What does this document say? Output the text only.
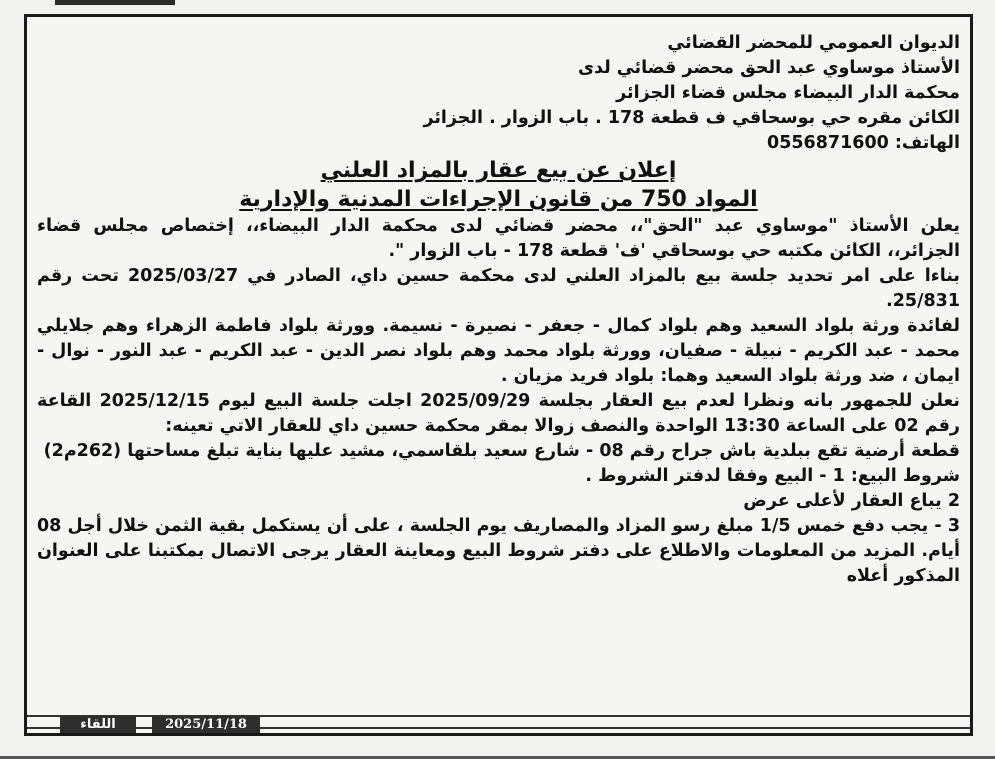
الديوان العمومي للمحضر القضائي
الأستاذ موساوي عبد الحق محضر قضائي لدى
محكمة الدار البيضاء مجلس قضاء الجزائر
الكائن مقره حي بوسحاقي ف قطعة 178 . باب الزوار . الجزائر
الهاتف: 0556871600

إعلان عن بيع عقار بالمزاد العلني

المواد 750 من قانون الإجراءات المدنية والإدارية

يعلن الأستاذ "موساوي عبد "الحق"،، محضر قضائي لدى محكمة الدار البيضاء،، إختصاص مجلس قضاء الجزائر،، الكائن مكتبه حي بوسحاقي 'ف' قطعة 178 - باب الزوار ".

بناءا على امر تحديد جلسة بيع بالمزاد العلني لدى محكمة حسين داي، الصادر في 2025/03/27 تحت رقم 25/831.

لفائدة ورثة بلواد السعيد وهم بلواد كمال - جعفر - نصيرة - نسيمة. وورثة بلواد فاطمة الزهراء وهم جلايلي محمد - عبد الكريم - نبيلة - صفيان، وورثة بلواد محمد وهم بلواد نصر الدين - عبد الكريم - عبد النور - نوال - ايمان ، ضد ورثة بلواد السعيد وهما: بلواد فريد مزيان .

نعلن للجمهور بانه ونظرا لعدم بيع العقار بجلسة 2025/09/29 اجلت جلسة البيع ليوم 2025/12/15 القاعة رقم 02 على الساعة 13:30 الواحدة والنصف زوالا بمقر محكمة حسين داي للعقار الاتي تعينه:

قطعة أرضية تقع ببلدية باش جراح رقم 08 - شارع سعيد بلقاسمي، مشيد عليها بناية تبلغ مساحتها (262م2)

شروط البيع: 1 - البيع وفقا لدفتر الشروط .

2 يباع العقار لأعلى عرض

3 - يجب دفع خمس 1/5 مبلغ رسو المزاد والمصاريف يوم الجلسة ، على أن يستكمل بقية الثمن خلال أجل 08 أيام. المزيد من المعلومات والاطلاع على دفتر شروط البيع ومعاينة العقار يرجى الاتصال بمكتبنا على العنوان المذكور أعلاه

2025/11/18
اللقاء
